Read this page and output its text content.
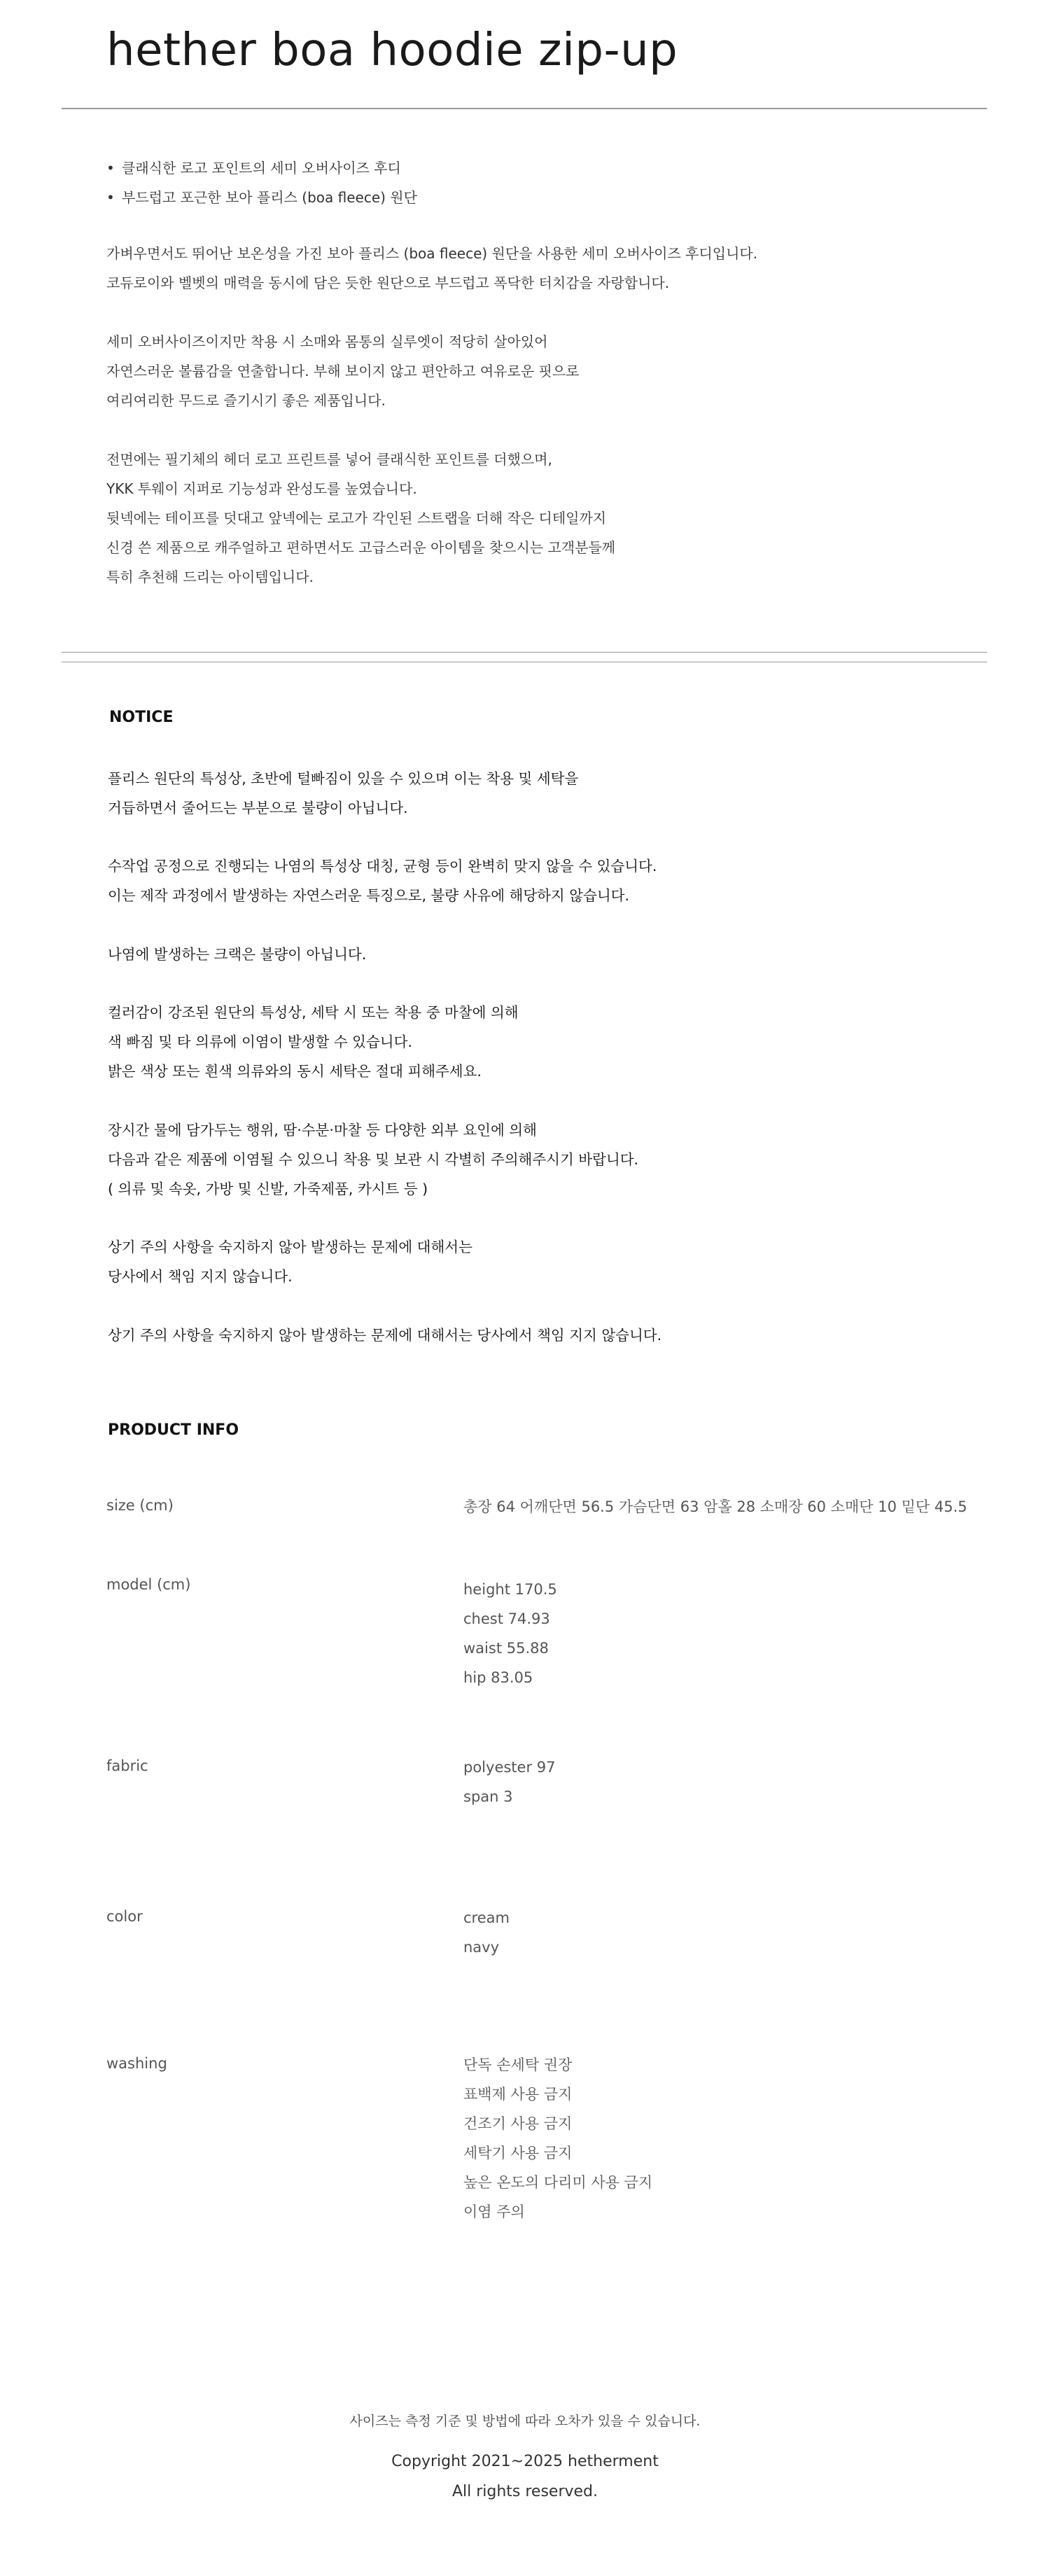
hether boa hoodie zip-up
• 클래식한 로고 포인트의 세미 오버사이즈 후디
• 부드럽고 포근한 보아 플리스 (boa fleece) 원단
가벼우면서도 뛰어난 보온성을 가진 보아 플리스 (boa fleece) 원단을 사용한 세미 오버사이즈 후디입니다.
코듀로이와 벨벳의 매력을 동시에 담은 듯한 원단으로 부드럽고 폭닥한 터치감을 자랑합니다.
세미 오버사이즈이지만 착용 시 소매와 몸통의 실루엣이 적당히 살아있어
자연스러운 볼륨감을 연출합니다. 부해 보이지 않고 편안하고 여유로운 핏으로
여리여리한 무드로 즐기시기 좋은 제품입니다.
전면에는 필기체의 헤더 로고 프린트를 넣어 클래식한 포인트를 더했으며,
YKK 투웨이 지퍼로 기능성과 완성도를 높였습니다.
뒷넥에는 테이프를 덧대고 앞넥에는 로고가 각인된 스트랩을 더해 작은 디테일까지
신경 쓴 제품으로 캐주얼하고 편하면서도 고급스러운 아이템을 찾으시는 고객분들께
특히 추천해 드리는 아이템입니다.
NOTICE
플리스 원단의 특성상, 초반에 털빠짐이 있을 수 있으며 이는 착용 및 세탁을
거듭하면서 줄어드는 부분으로 불량이 아닙니다.
수작업 공정으로 진행되는 나염의 특성상 대칭, 균형 등이 완벽히 맞지 않을 수 있습니다.
이는 제작 과정에서 발생하는 자연스러운 특징으로, 불량 사유에 해당하지 않습니다.
나염에 발생하는 크랙은 불량이 아닙니다.
컬러감이 강조된 원단의 특성상, 세탁 시 또는 착용 중 마찰에 의해
색 빠짐 및 타 의류에 이염이 발생할 수 있습니다.
밝은 색상 또는 흰색 의류와의 동시 세탁은 절대 피해주세요.
장시간 물에 담가두는 행위, 땀·수분·마찰 등 다양한 외부 요인에 의해
다음과 같은 제품에 이염될 수 있으니 착용 및 보관 시 각별히 주의해주시기 바랍니다.
( 의류 및 속옷, 가방 및 신발, 가죽제품, 카시트 등 )
상기 주의 사항을 숙지하지 않아 발생하는 문제에 대해서는
당사에서 책임 지지 않습니다.
상기 주의 사항을 숙지하지 않아 발생하는 문제에 대해서는 당사에서 책임 지지 않습니다.
PRODUCT INFO

size (cm)	총장 64 어깨단면 56.5 가슴단면 63 암홀 28 소매장 60 소매단 10 밑단 45.5

model (cm)	height 170.5
chest 74.93
waist 55.88
hip 83.05

fabric	polyester 97
span 3

color	cream
navy

washing	단독 손세탁 권장
표백제 사용 금지
건조기 사용 금지
세탁기 사용 금지
높은 온도의 다리미 사용 금지
이염 주의

사이즈는 측정 기준 및 방법에 따라 오차가 있을 수 있습니다.

Copyright 2021~2025 hetherment

All rights reserved.
